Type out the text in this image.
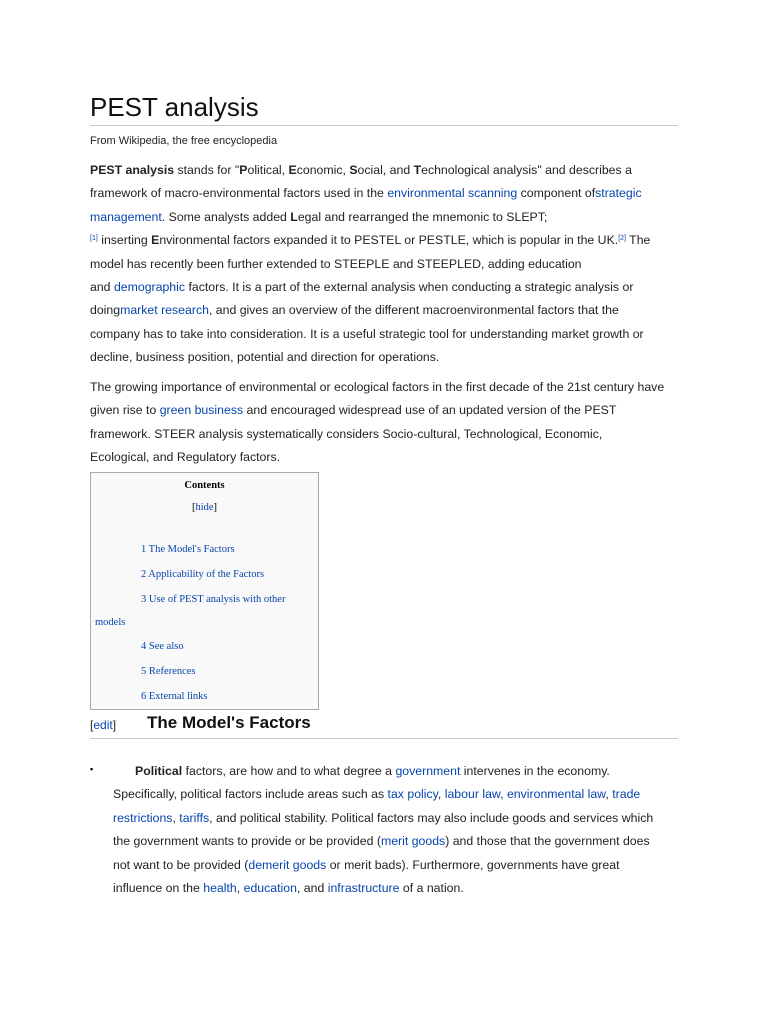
PEST analysis
From Wikipedia, the free encyclopedia

PEST analysis stands for "Political, Economic, Social, and Technological analysis" and describes a
framework of macro-environmental factors used in the environmental scanning component ofstrategic
management. Some analysts added Legal and rearranged the mnemonic to SLEPT;
[1] inserting Environmental factors expanded it to PESTEL or PESTLE, which is popular in the UK.[2] The
model has recently been further extended to STEEPLE and STEEPLED, adding education
and demographic factors. It is a part of the external analysis when conducting a strategic analysis or
doingmarket research, and gives an overview of the different macroenvironmental factors that the
company has to take into consideration. It is a useful strategic tool for understanding market growth or
decline, business position, potential and direction for operations.

The growing importance of environmental or ecological factors in the first decade of the 21st century have
given rise to green business and encouraged widespread use of an updated version of the PEST
framework. STEER analysis systematically considers Socio-cultural, Technological, Economic,
Ecological, and Regulatory factors.

Contents
[hide]
1 The Model's Factors
2 Applicability of the Factors
3 Use of PEST analysis with other
models
4 See also
5 References
6 External links
[edit] The Model's Factors
▪	Political factors, are how and to what degree a government intervenes in the economy.
Specifically, political factors include areas such as tax policy, labour law, environmental law, trade
restrictions, tariffs, and political stability. Political factors may also include goods and services which
the government wants to provide or be provided (merit goods) and those that the government does
not want to be provided (demerit goods or merit bads). Furthermore, governments have great
influence on the health, education, and infrastructure of a nation.
